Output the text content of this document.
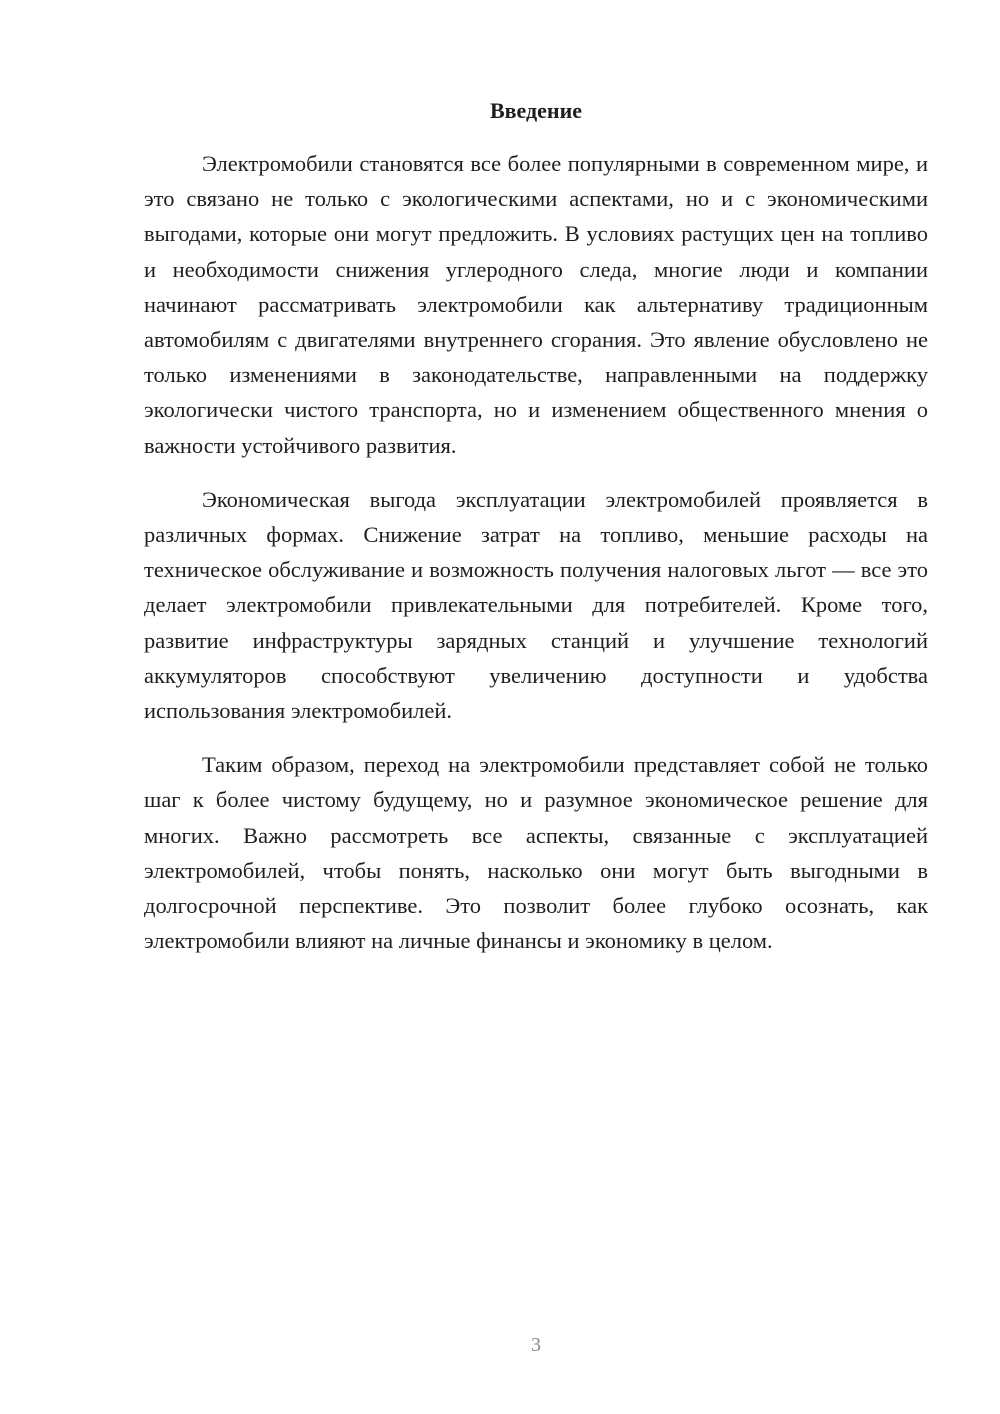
Введение

Электромобили становятся все более популярными в современном мире, и это связано не только с экологическими аспектами, но и с экономическими выгодами, которые они могут предложить. В условиях растущих цен на топливо и необходимости снижения углеродного следа, многие люди и компании начинают рассматривать электромобили как альтернативу традиционным автомобилям с двигателями внутреннего сгорания. Это явление обусловлено не только изменениями в законодательстве, направленными на поддержку экологически чистого транспорта, но и изменением общественного мнения о важности устойчивого развития.

Экономическая выгода эксплуатации электромобилей проявляется в различных формах. Снижение затрат на топливо, меньшие расходы на техническое обслуживание и возможность получения налоговых льгот — все это делает электромобили привлекательными для потребителей. Кроме того, развитие инфраструктуры зарядных станций и улучшение технологий аккумуляторов способствуют увеличению доступности и удобства использования электромобилей.

Таким образом, переход на электромобили представляет собой не только шаг к более чистому будущему, но и разумное экономическое решение для многих. Важно рассмотреть все аспекты, связанные с эксплуатацией электромобилей, чтобы понять, насколько они могут быть выгодными в долгосрочной перспективе. Это позволит более глубоко осознать, как электромобили влияют на личные финансы и экономику в целом.

3
